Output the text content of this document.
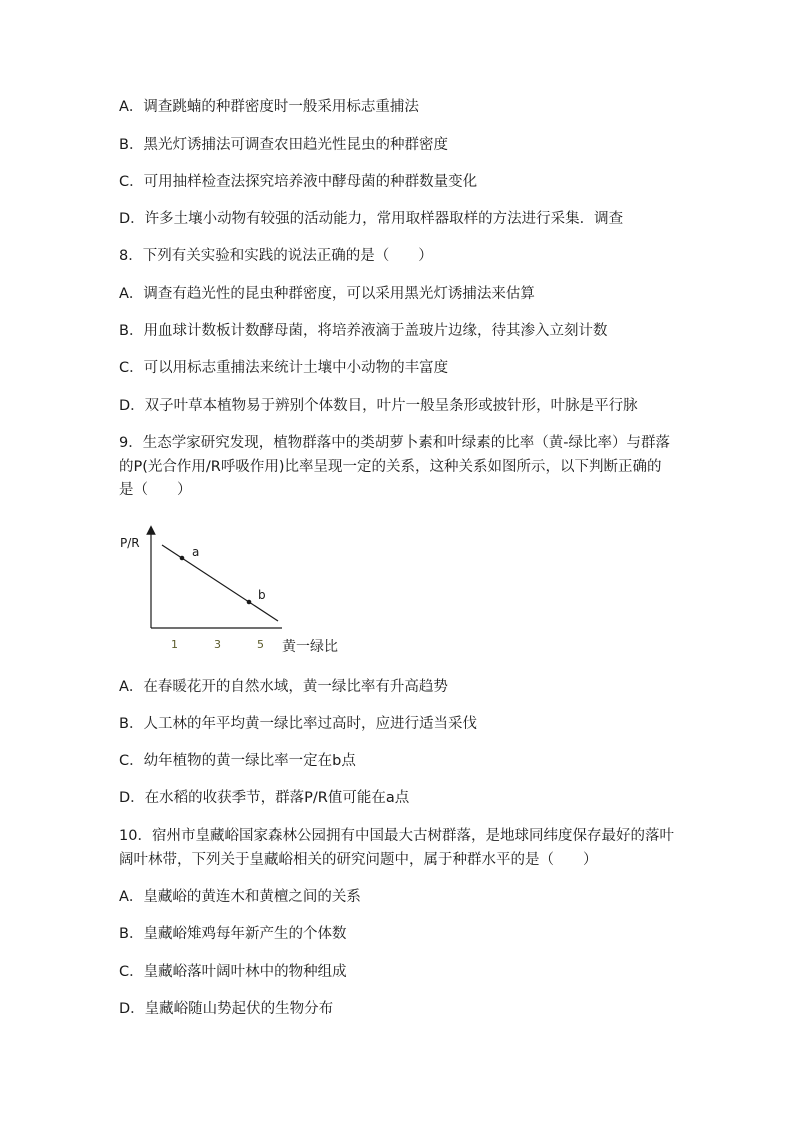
A．调查跳蝻的种群密度时一般采用标志重捕法
B．黑光灯诱捕法可调查农田趋光性昆虫的种群密度
C．可用抽样检查法探究培养液中酵母菌的种群数量变化
D．许多土壤小动物有较强的活动能力，常用取样器取样的方法进行采集．调查
8．下列有关实验和实践的说法正确的是（　　）
A．调查有趋光性的昆虫种群密度，可以采用黑光灯诱捕法来估算
B．用血球计数板计数酵母菌，将培养液滴于盖玻片边缘，待其渗入立刻计数
C．可以用标志重捕法来统计土壤中小动物的丰富度
D．双子叶草本植物易于辨别个体数目，叶片一般呈条形或披针形，叶脉是平行脉
9．生态学家研究发现，植物群落中的类胡萝卜素和叶绿素的比率（黄-绿比率）与群落
的P(光合作用/R呼吸作用)比率呈现一定的关系，这种关系如图所示，以下判断正确的
是（　　）
P/R
黄一绿比
1	3	5
a
b
A．在春暖花开的自然水域，黄一绿比率有升高趋势
B．人工林的年平均黄一绿比率过高时，应进行适当采伐
C．幼年植物的黄一绿比率一定在b点
D．在水稻的收获季节，群落P/R值可能在a点
10．宿州市皇藏峪国家森林公园拥有中国最大古树群落，是地球同纬度保存最好的落叶
阔叶林带，下列关于皇藏峪相关的研究问题中，属于种群水平的是（　　）
A．皇藏峪的黄连木和黄檀之间的关系
B．皇藏峪雉鸡每年新产生的个体数
C．皇藏峪落叶阔叶林中的物种组成
D．皇藏峪随山势起伏的生物分布
